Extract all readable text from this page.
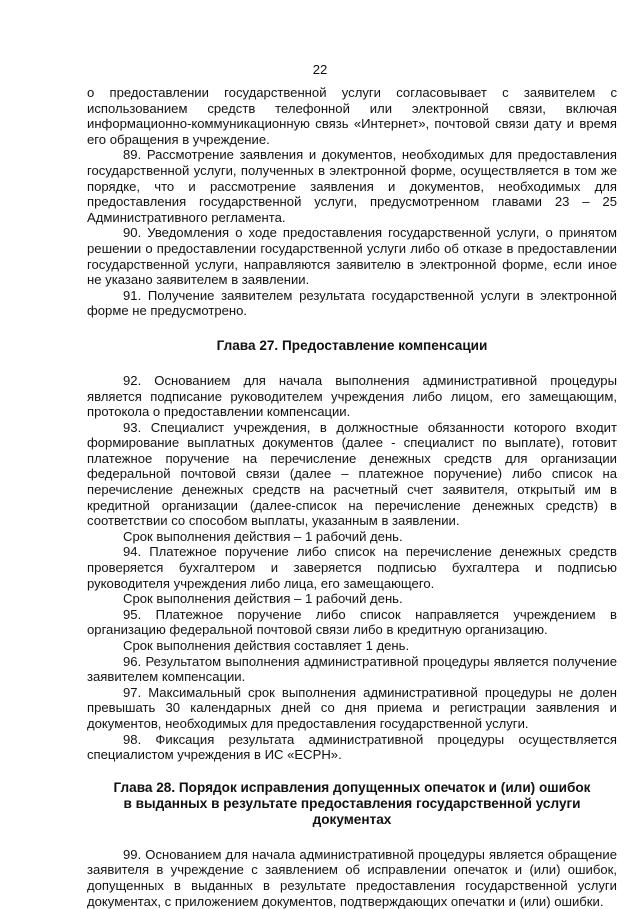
22

о предоставлении государственной услуги согласовывает с заявителем с использованием средств телефонной или электронной связи, включая информационно-коммуникационную связь «Интернет», почтовой связи дату и время его обращения в учреждение.

89. Рассмотрение заявления и документов, необходимых для предоставления государственной услуги, полученных в электронной форме, осуществляется в том же порядке, что и рассмотрение заявления и документов, необходимых для предоставления государственной услуги, предусмотренном главами 23 – 25 Административного регламента.

90. Уведомления о ходе предоставления государственной услуги, о принятом решении о предоставлении государственной услуги либо об отказе в предоставлении государственной услуги, направляются заявителю в электронной форме, если иное не указано заявителем в заявлении.

91. Получение заявителем результата государственной услуги в электронной форме не предусмотрено.

Глава 27. Предоставление компенсации

92. Основанием для начала выполнения административной процедуры является подписание руководителем учреждения либо лицом, его замещающим, протокола о предоставлении компенсации.

93. Специалист учреждения, в должностные обязанности которого входит формирование выплатных документов (далее - специалист по выплате), готовит платежное поручение на перечисление денежных средств для организации федеральной почтовой связи (далее – платежное поручение) либо список на перечисление денежных средств на расчетный счет заявителя, открытый им в кредитной организации (далее-список на перечисление денежных средств) в соответствии со способом выплаты, указанным в заявлении.

Срок выполнения действия – 1 рабочий день.

94. Платежное поручение либо список на перечисление денежных средств проверяется бухгалтером и заверяется подписью бухгалтера и подписью руководителя учреждения либо лица, его замещающего.

Срок выполнения действия – 1 рабочий день.

95. Платежное поручение либо список направляется учреждением в организацию федеральной почтовой связи либо в кредитную организацию.

Срок выполнения действия составляет 1 день.

96. Результатом выполнения административной процедуры является получение заявителем компенсации.

97. Максимальный срок выполнения административной процедуры не долен превышать 30 календарных дней со дня приема и регистрации заявления и документов, необходимых для предоставления государственной услуги.

98. Фиксация результата административной процедуры осуществляется специалистом учреждения в ИС «ЕСРН».

Глава 28. Порядок исправления допущенных опечаток и (или) ошибок
в выданных в результате предоставления государственной услуги документах

99. Основанием для начала административной процедуры является обращение заявителя в учреждение с заявлением об исправлении опечаток и (или) ошибок, допущенных в выданных в результате предоставления государственной услуги документах, с приложением документов, подтверждающих опечатки и (или) ошибки.
